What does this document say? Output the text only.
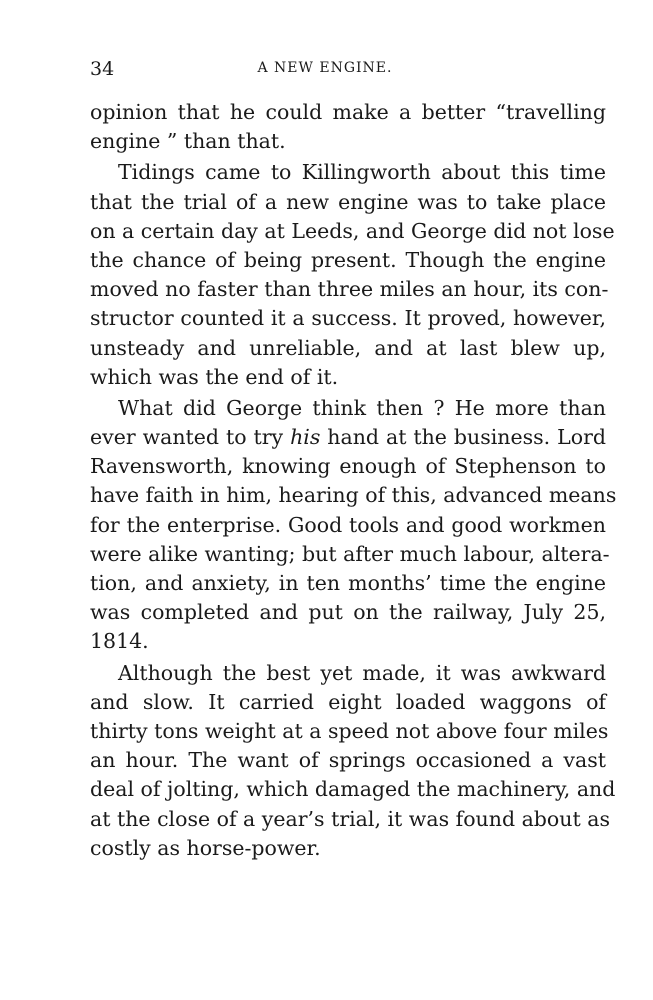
34	A NEW ENGINE.
opinion that he could make a better “travelling
engine ” than that.
Tidings came to Killingworth about this time
that the trial of a new engine was to take place
on a certain day at Leeds, and George did not lose
the chance of being present. Though the engine
moved no faster than three miles an hour, its con-
structor counted it a success. It proved, however,
unsteady and unreliable, and at last blew up,
which was the end of it.
What did George think then ? He more than
ever wanted to try his hand at the business. Lord
Ravensworth, knowing enough of Stephenson to
have faith in him, hearing of this, advanced means
for the enterprise. Good tools and good workmen
were alike wanting; but after much labour, altera-
tion, and anxiety, in ten months’ time the engine
was completed and put on the railway, July 25,
1814.
Although the best yet made, it was awkward
and slow. It carried eight loaded waggons of
thirty tons weight at a speed not above four miles
an hour. The want of springs occasioned a vast
deal of jolting, which damaged the machinery, and
at the close of a year’s trial, it was found about as
costly as horse-power.
